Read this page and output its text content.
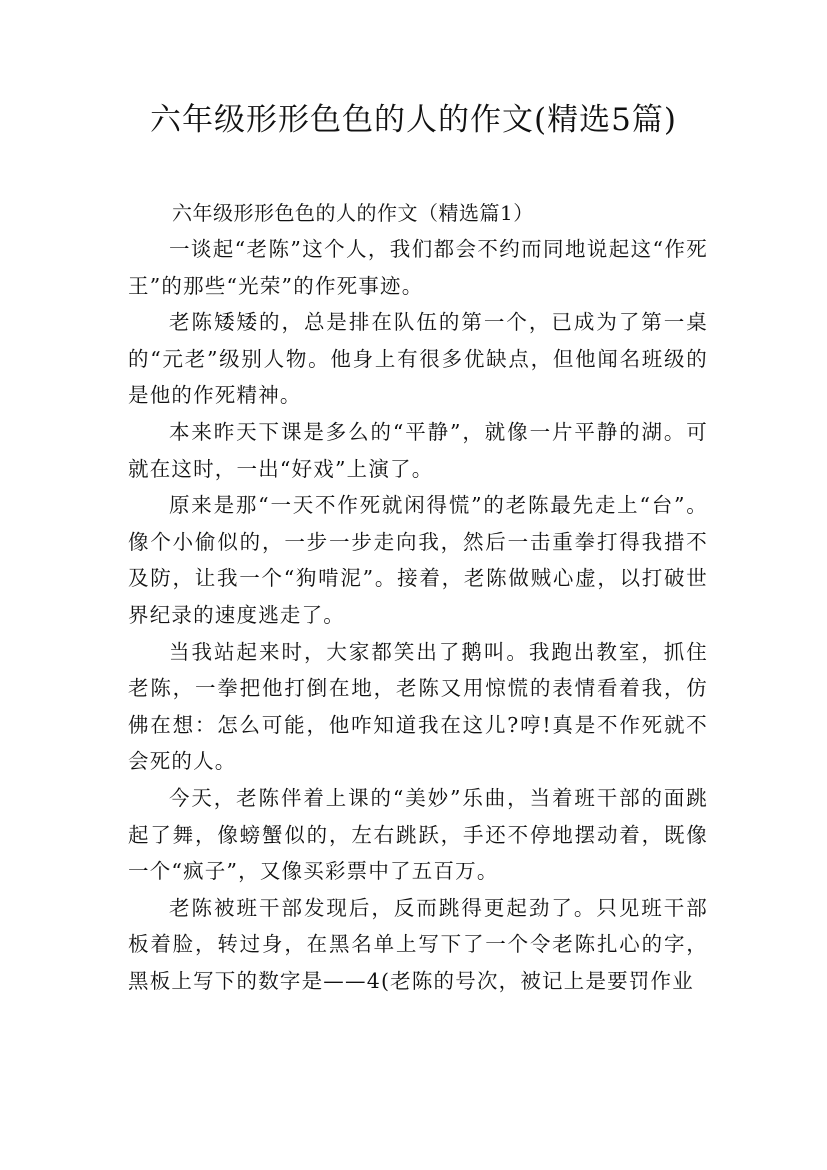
六年级形形色色的人的作文(精选5篇)

六年级形形色色的人的作文（精选篇1）

一谈起“老陈”这个人，我们都会不约而同地说起这“作死王”的那些“光荣”的作死事迹。

老陈矮矮的，总是排在队伍的第一个，已成为了第一桌的“元老”级别人物。他身上有很多优缺点，但他闻名班级的是他的作死精神。

本来昨天下课是多么的“平静”，就像一片平静的湖。可就在这时，一出“好戏”上演了。

原来是那“一天不作死就闲得慌”的老陈最先走上“台”。像个小偷似的，一步一步走向我，然后一击重拳打得我措不及防，让我一个“狗啃泥”。接着，老陈做贼心虚，以打破世界纪录的速度逃走了。

当我站起来时，大家都笑出了鹅叫。我跑出教室，抓住老陈，一拳把他打倒在地，老陈又用惊慌的表情看着我，仿佛在想：怎么可能，他咋知道我在这儿?哼!真是不作死就不会死的人。

今天，老陈伴着上课的“美妙”乐曲，当着班干部的面跳起了舞，像螃蟹似的，左右跳跃，手还不停地摆动着，既像一个“疯子”，又像买彩票中了五百万。

老陈被班干部发现后，反而跳得更起劲了。只见班干部板着脸，转过身，在黑名单上写下了一个令老陈扎心的字，黑板上写下的数字是——4(老陈的号次，被记上是要罚作业
